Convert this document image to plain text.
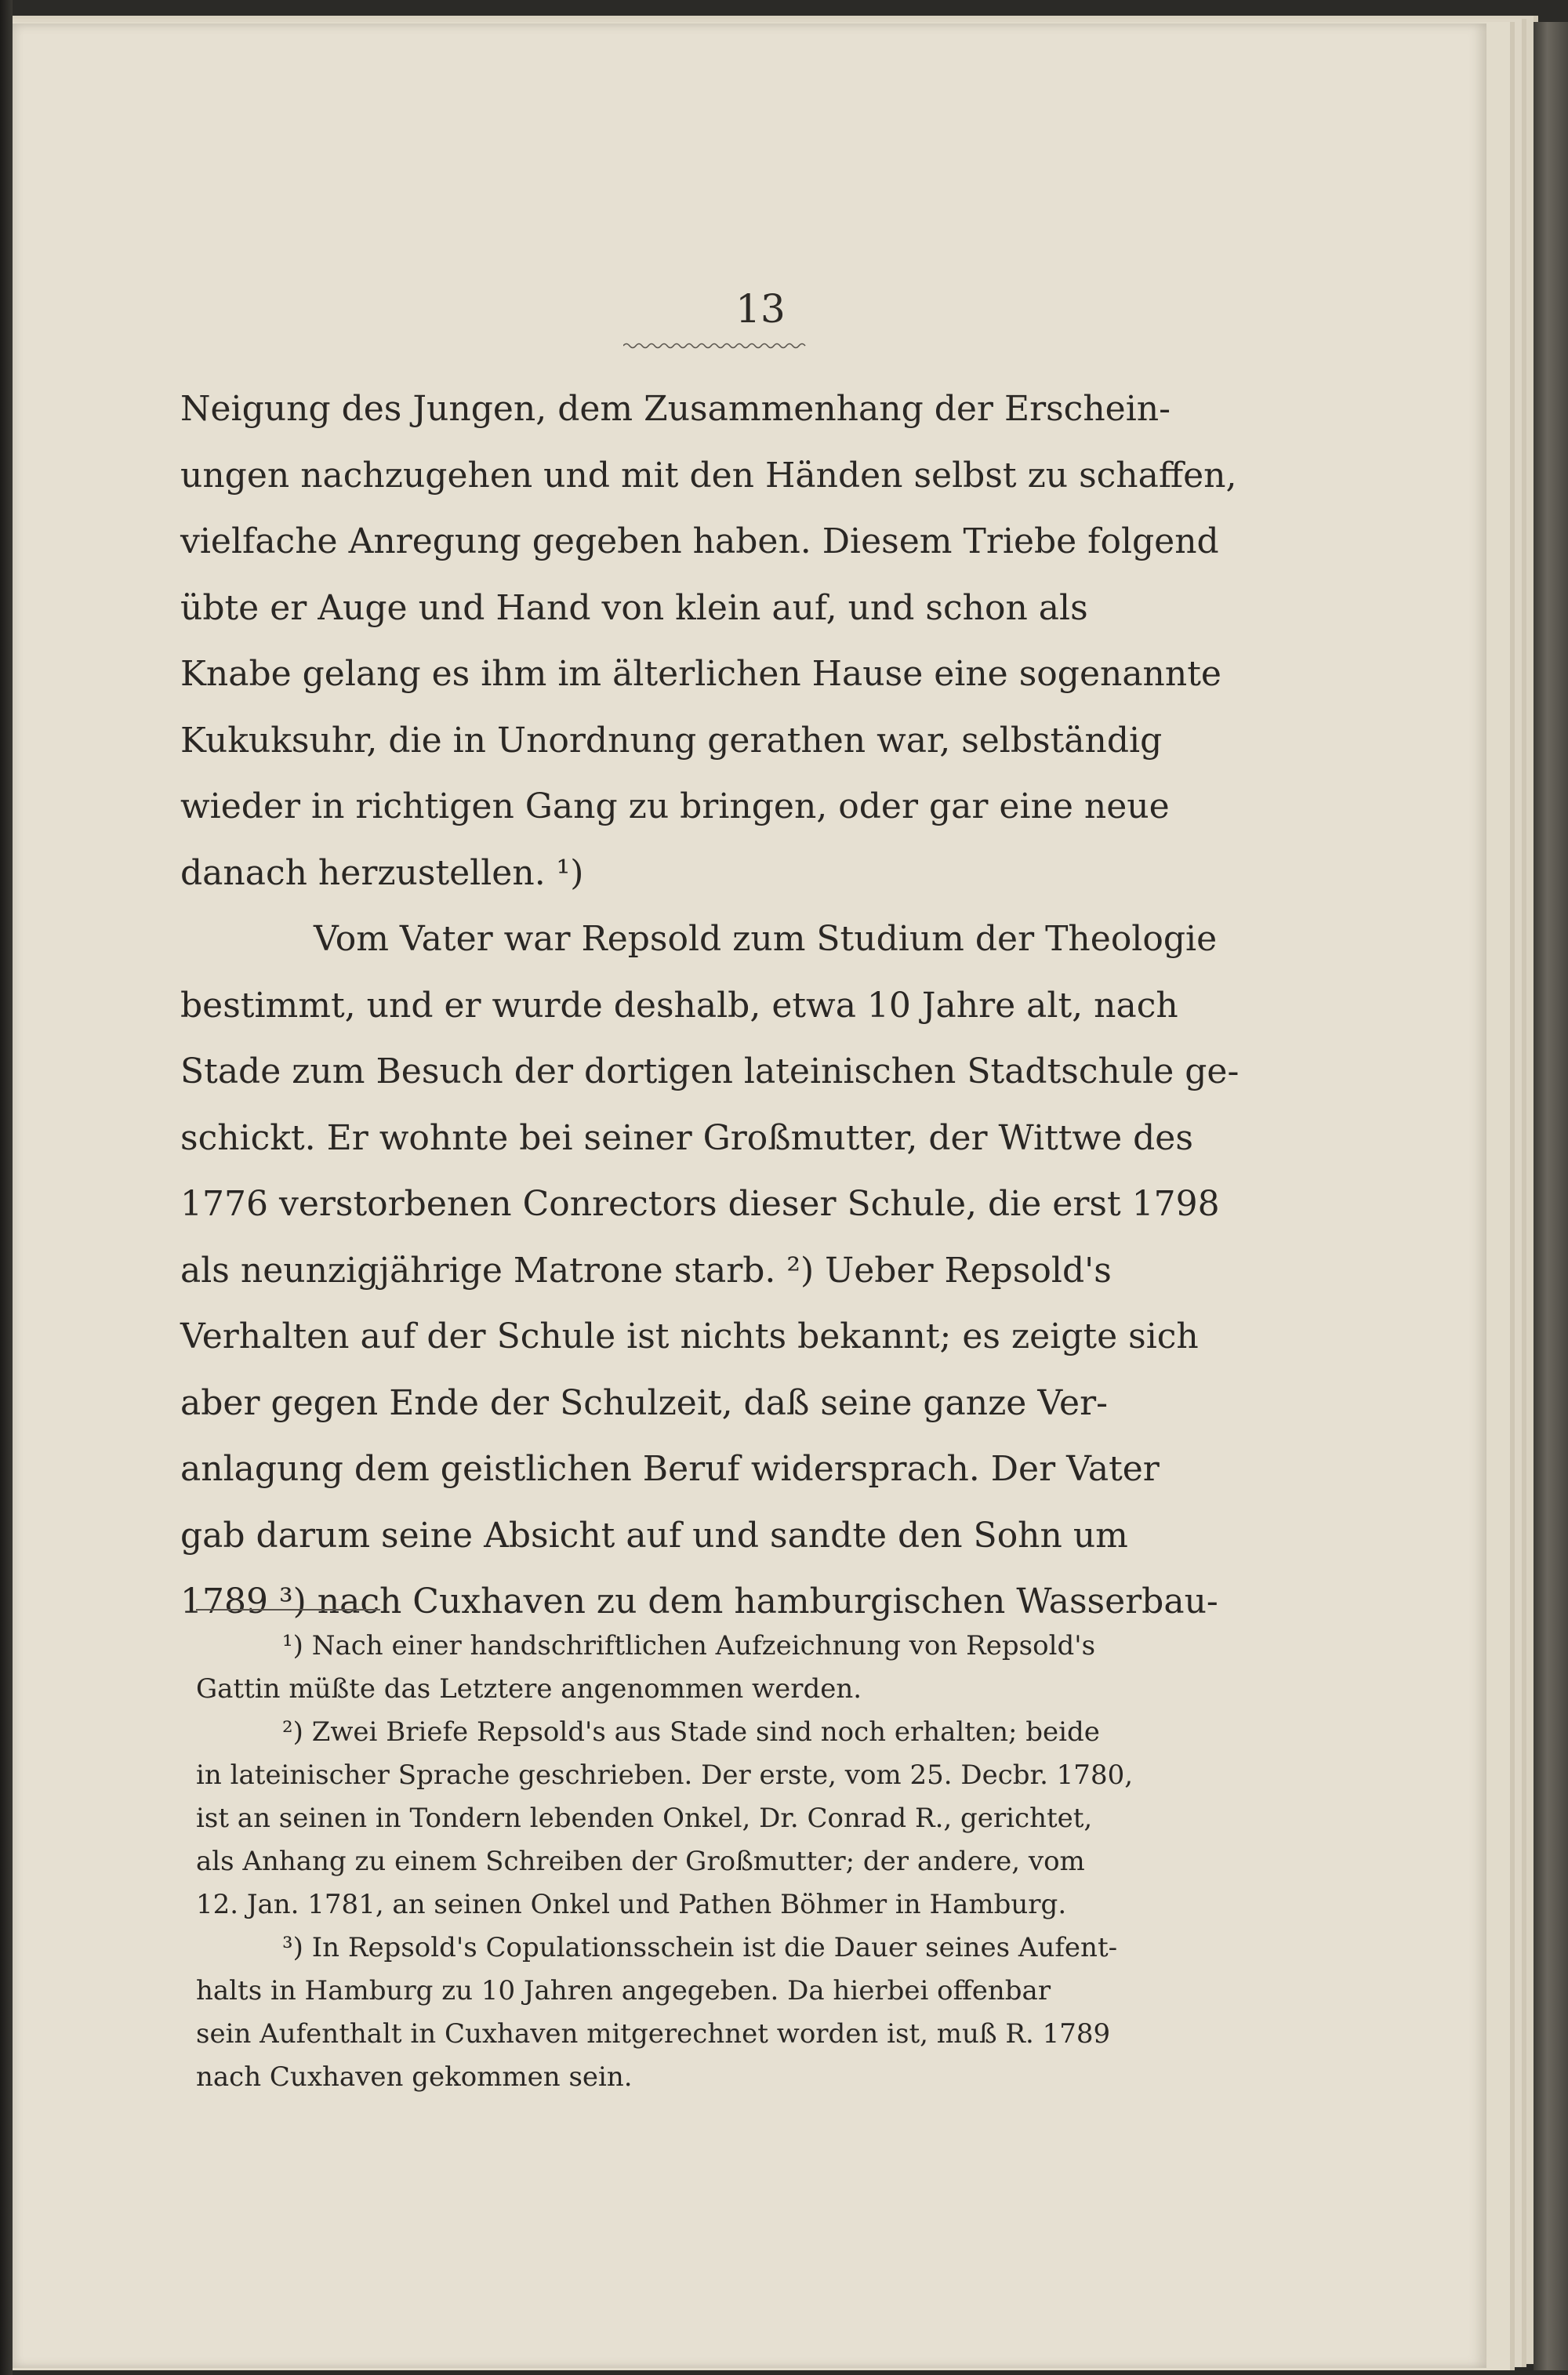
13
Neigung des Jungen, dem Zusammenhang der Erschein-
ungen nachzugehen und mit den Händen selbst zu schaffen,
vielfache Anregung gegeben haben. Diesem Triebe folgend
übte er Auge und Hand von klein auf, und schon als
Knabe gelang es ihm im älterlichen Hause eine sogenannte
Kukuksuhr, die in Unordnung gerathen war, selbständig
wieder in richtigen Gang zu bringen, oder gar eine neue
danach herzustellen. ¹)
Vom Vater war Repsold zum Studium der Theologie
bestimmt, und er wurde deshalb, etwa 10 Jahre alt, nach
Stade zum Besuch der dortigen lateinischen Stadtschule ge-
schickt. Er wohnte bei seiner Großmutter, der Wittwe des
1776 verstorbenen Conrectors dieser Schule, die erst 1798
als neunzigjährige Matrone starb. ²) Ueber Repsold's
Verhalten auf der Schule ist nichts bekannt; es zeigte sich
aber gegen Ende der Schulzeit, daß seine ganze Ver-
anlagung dem geistlichen Beruf widersprach. Der Vater
gab darum seine Absicht auf und sandte den Sohn um
1789 ³) nach Cuxhaven zu dem hamburgischen Wasserbau-
¹) Nach einer handschriftlichen Aufzeichnung von Repsold's
Gattin müßte das Letztere angenommen werden.
²) Zwei Briefe Repsold's aus Stade sind noch erhalten; beide
in lateinischer Sprache geschrieben. Der erste, vom 25. Decbr. 1780,
ist an seinen in Tondern lebenden Onkel, Dr. Conrad R., gerichtet,
als Anhang zu einem Schreiben der Großmutter; der andere, vom
12. Jan. 1781, an seinen Onkel und Pathen Böhmer in Hamburg.
³) In Repsold's Copulationsschein ist die Dauer seines Aufent-
halts in Hamburg zu 10 Jahren angegeben. Da hierbei offenbar
sein Aufenthalt in Cuxhaven mitgerechnet worden ist, muß R. 1789
nach Cuxhaven gekommen sein.
